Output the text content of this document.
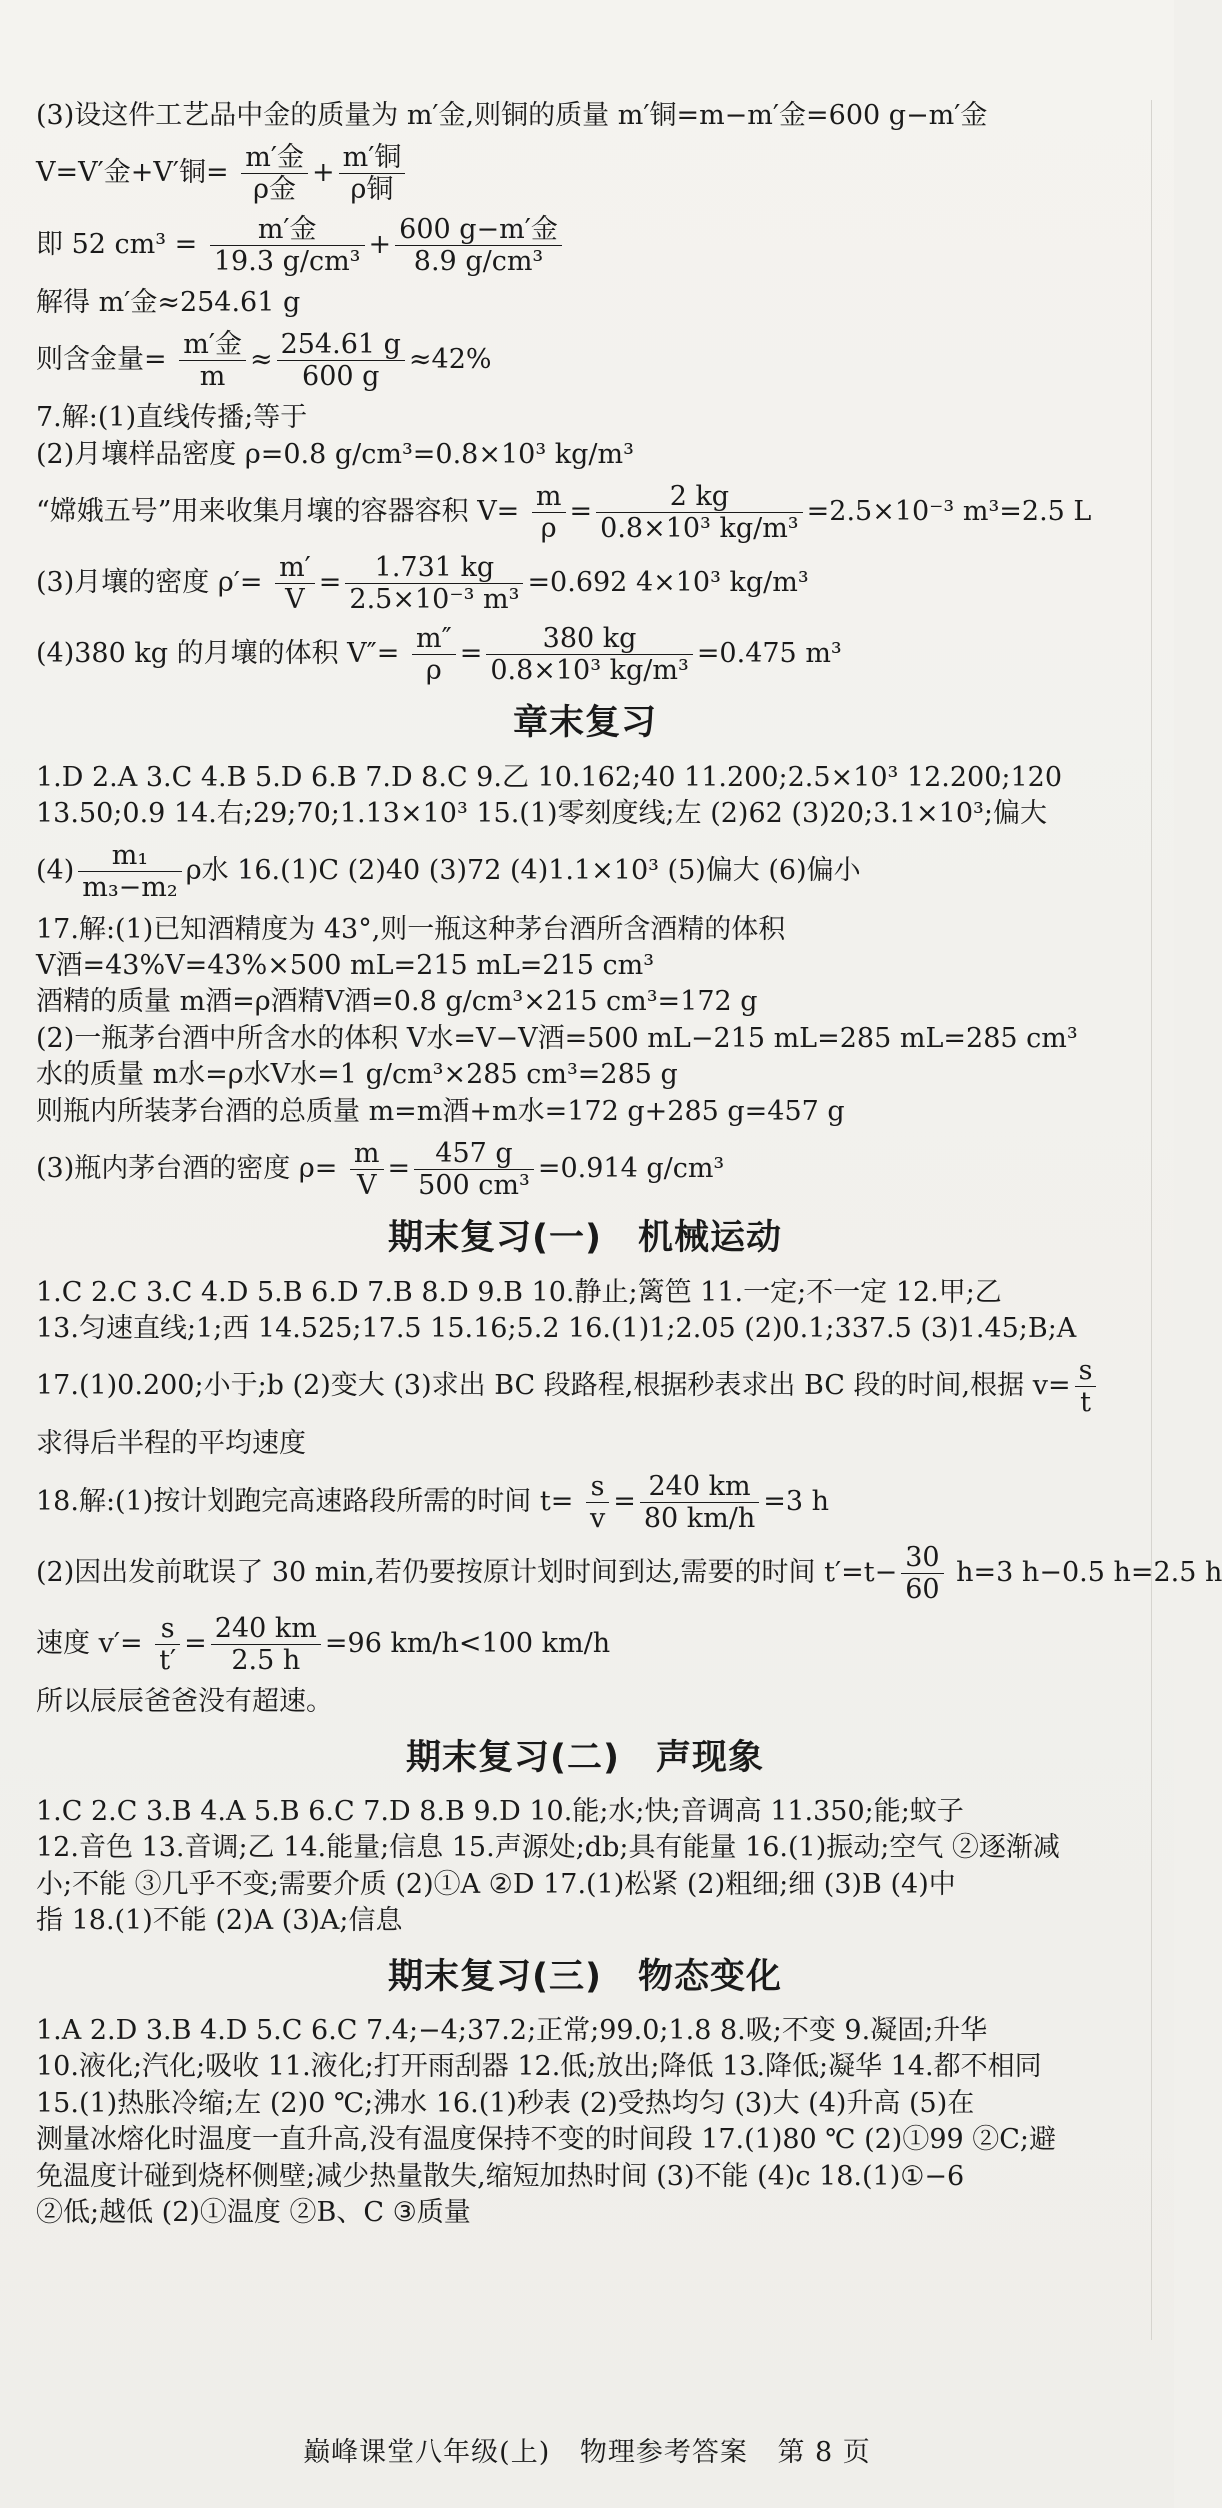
(3)设这件工艺品中金的质量为 m′金,则铜的质量 m′铜=m−m′金=600 g−m′金

V=V′金+V′铜= $\frac{\text{m′金}}{\text{ρ金}} + \frac{\text{m′铜}}{\text{ρ铜}}$

即 52 $cm^3 = \frac{\text{m′金}}{\text{19.3 g/cm³}} + \frac{\text{600 g−m′金}}{\text{8.9 g/cm³}}$

解得 m′金≈254.61 g

则含金量= $\frac{\text{m′金}}{m} \approx \frac{254.61 g}{600 g} \approx 42\%$

7.解:(1)直线传播;等于

(2)月壤样品密度 ρ=0.8 g/cm³=0.8×10³ kg/m³

“嫦娥五号”用来收集月壤的容器容积 $V= \frac{m}{\rho} = \frac{2 kg}{\text{0.8×10³ kg/m³}} =2.5\times 10^{-3}$ m³=2.5 L

(3)月壤的密度 $\rho'= \frac{m'}{V} = \frac{1.731 kg}{\text{2.5×10⁻³ m³}} =0.692$ 4×10³ kg/m³

(4)380 kg 的月壤的体积 $V''= \frac{m''}{\rho} = \frac{380 kg}{\text{0.8×10³ kg/m³}} =0.475$ m³

章末复习

1.D 2.A 3.C 4.B 5.D 6.B 7.D 8.C 9.乙 10.162;40 11.200;2.5×10³ 12.200;120

13.50;0.9 14.右;29;70;1.13×10³ 15.(1)零刻度线;左 (2)62 (3)20;3.1×10³;偏大

$(4) \frac{\text{m₁}}{\text{m₃−m₂}}$ ρ水 16.(1)C (2)40 (3)72 (4)1.1×10³ (5)偏大 (6)偏小

17.解:(1)已知酒精度为 43°,则一瓶这种茅台酒所含酒精的体积

V酒=43%V=43%×500 mL=215 mL=215 cm³

酒精的质量 m酒=ρ酒精V酒=0.8 g/cm³×215 cm³=172 g

(2)一瓶茅台酒中所含水的体积 V水=V−V酒=500 mL−215 mL=285 mL=285 cm³

水的质量 m水=ρ水V水=1 g/cm³×285 cm³=285 g

则瓶内所装茅台酒的总质量 m=m酒+m水=172 g+285 g=457 g

(3)瓶内茅台酒的密度 $\rho= \frac{m}{V} = \frac{457 g}{\text{500 cm³}} =0.914$ g/cm³

期末复习(一)　机械运动

1.C 2.C 3.C 4.D 5.B 6.D 7.B 8.D 9.B 10.静止;篱笆 11.一定;不一定 12.甲;乙

13.匀速直线;1;西 14.525;17.5 15.16;5.2 16.(1)1;2.05 (2)0.1;337.5 (3)1.45;B;A

17.(1)0.200;小于;b (2)变大 (3)求出 BC 段路程,根据秒表求出 BC 段的时间,根据 $v= \frac{s}{t}$

求得后半程的平均速度

18.解:(1)按计划跑完高速路段所需的时间 $t= \frac{s}{v} = \frac{240 km}{80 km/h} =3$ h

(2)因出发前耽误了 30 min,若仍要按原计划时间到达,需要的时间 $t'=t- \frac{30}{60} h=3$ h−0.5 h=2.5 h

速度 $v'= \frac{s}{t'} = \frac{240 km}{2.5 h} =96$ km/h<100 km/h

所以辰辰爸爸没有超速。

期末复习(二)　声现象

1.C 2.C 3.B 4.A 5.B 6.C 7.D 8.B 9.D 10.能;水;快;音调高 11.350;能;蚊子

12.音色 13.音调;乙 14.能量;信息 15.声源处;db;具有能量 16.(1)振动;空气 ②逐渐减

小;不能 ③几乎不变;需要介质 (2)①A ②D 17.(1)松紧 (2)粗细;细 (3)B (4)中

指 18.(1)不能 (2)A (3)A;信息

期末复习(三)　物态变化

1.A 2.D 3.B 4.D 5.C 6.C 7.4;−4;37.2;正常;99.0;1.8 8.吸;不变 9.凝固;升华

10.液化;汽化;吸收 11.液化;打开雨刮器 12.低;放出;降低 13.降低;凝华 14.都不相同

15.(1)热胀冷缩;左 (2)0 ℃;沸水 16.(1)秒表 (2)受热均匀 (3)大 (4)升高 (5)在

测量冰熔化时温度一直升高,没有温度保持不变的时间段 17.(1)80 ℃ (2)①99 ②C;避

免温度计碰到烧杯侧壁;减少热量散失,缩短加热时间 (3)不能 (4)c 18.(1)①−6

②低;越低 (2)①温度 ②B、C ③质量

巅峰课堂八年级(上) 物理参考答案 第 8 页
